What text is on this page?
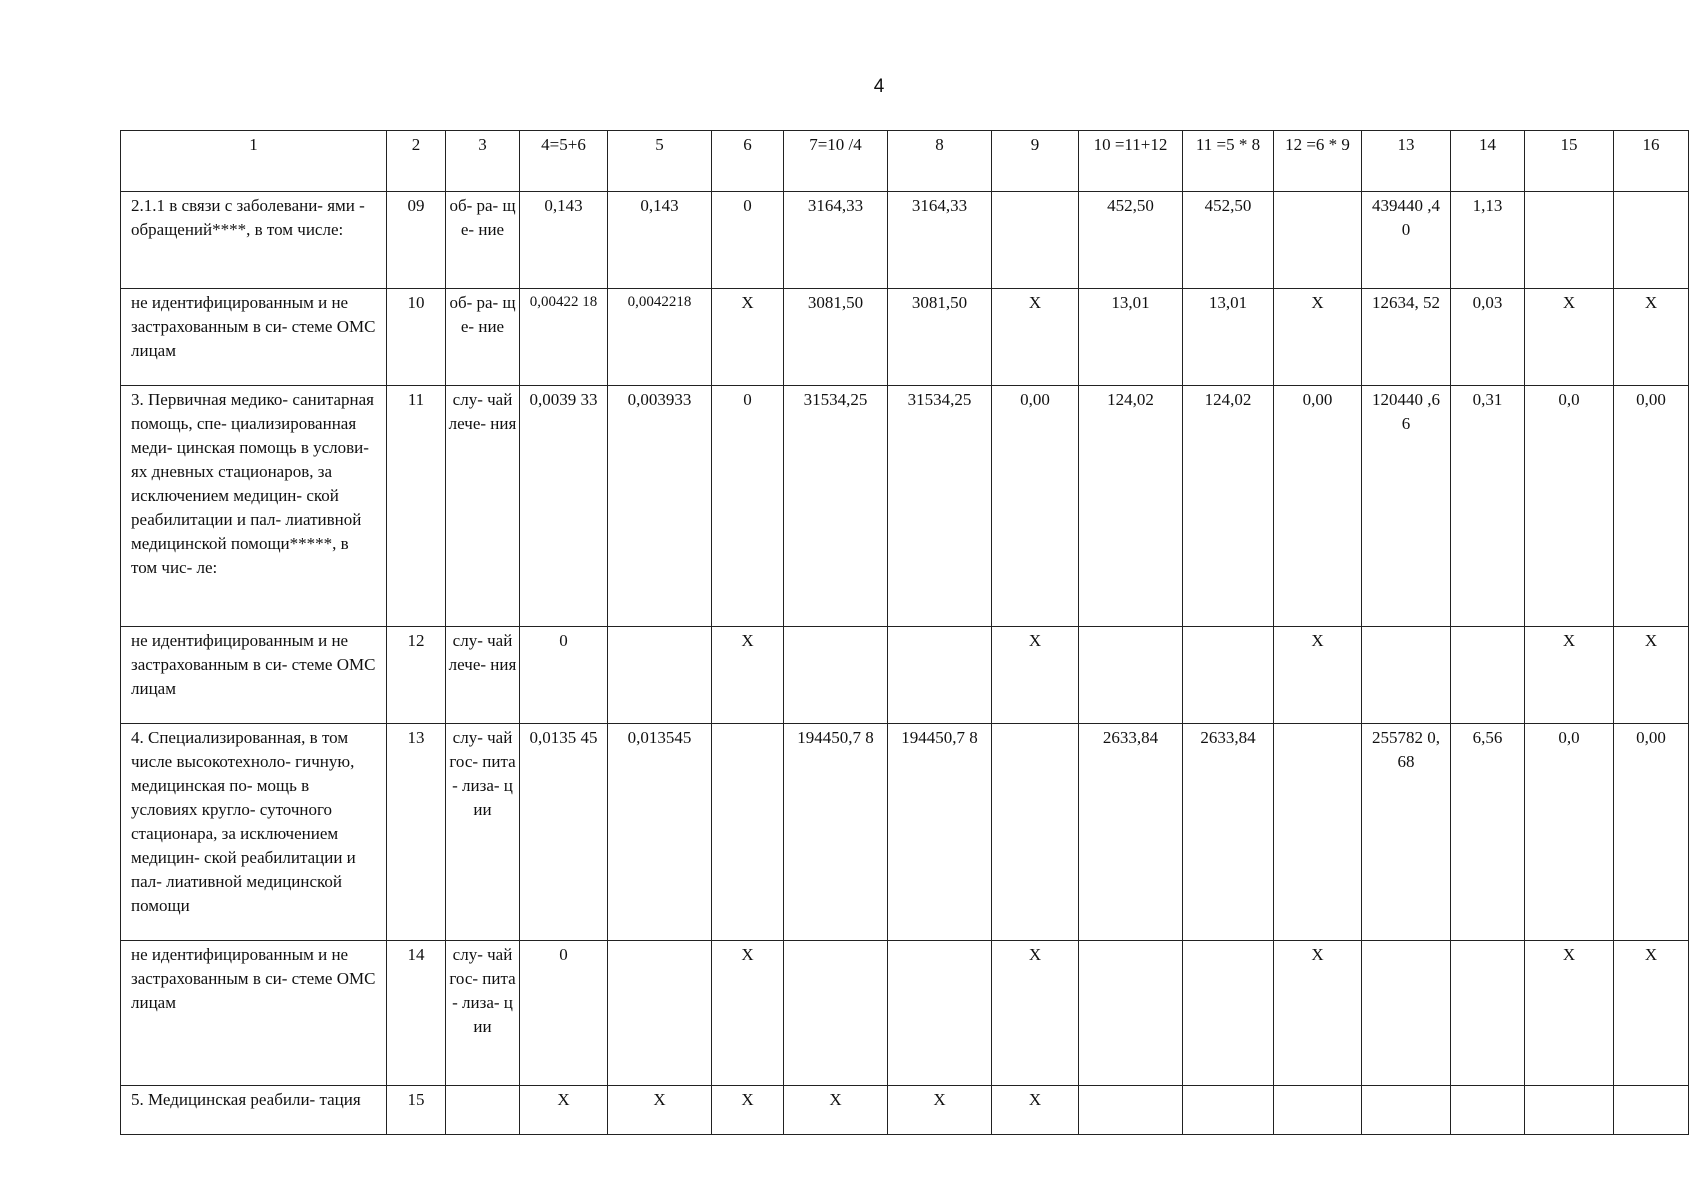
4
1	2	3	4=5+6	5	6	7=10 /4	8	9	10 =11+12	11 =5 * 8	12 =6 * 9	13	14	15	16
2.1.1 в связи с заболевани- ями - обращений****, в том числе:	09	об- ра- ще- ние	0,143	0,143	0	3164,33	3164,33		452,50	452,50		439440 ,40	1,13		
не идентифицированным и не застрахованным в си- стеме ОМС лицам	10	об- ра- ще- ние	0,00422 18	0,0042218	X	3081,50	3081,50	X	13,01	13,01	X	12634, 52	0,03	X	X
3. Первичная медико- санитарная помощь, спе- циализированная меди- цинская помощь в услови- ях дневных стационаров, за исключением медицин- ской реабилитации и пал- лиативной медицинской помощи*****, в том чис- ле:	11	слу- чай лече- ния	0,0039 33	0,003933	0	31534,25	31534,25	0,00	124,02	124,02	0,00	120440 ,66	0,31	0,0	0,00
не идентифицированным и не застрахованным в си- стеме ОМС лицам	12	слу- чай лече- ния	0		X			X			X			X	X
4. Специализированная, в том числе высокотехноло- гичную, медицинская по- мощь в условиях кругло- суточного стационара, за исключением медицин- ской реабилитации и пал- лиативной медицинской помощи	13	слу- чай гос- пита- лиза- ции	0,0135 45	0,013545		194450,7 8	194450,7 8		2633,84	2633,84		255782 0,68	6,56	0,0	0,00
не идентифицированным и не застрахованным в си- стеме ОМС лицам	14	слу- чай гос- пита- лиза- ции	0		X			X			X			X	X
5. Медицинская реабили- тация	15		X	X	X	X	X	X							
